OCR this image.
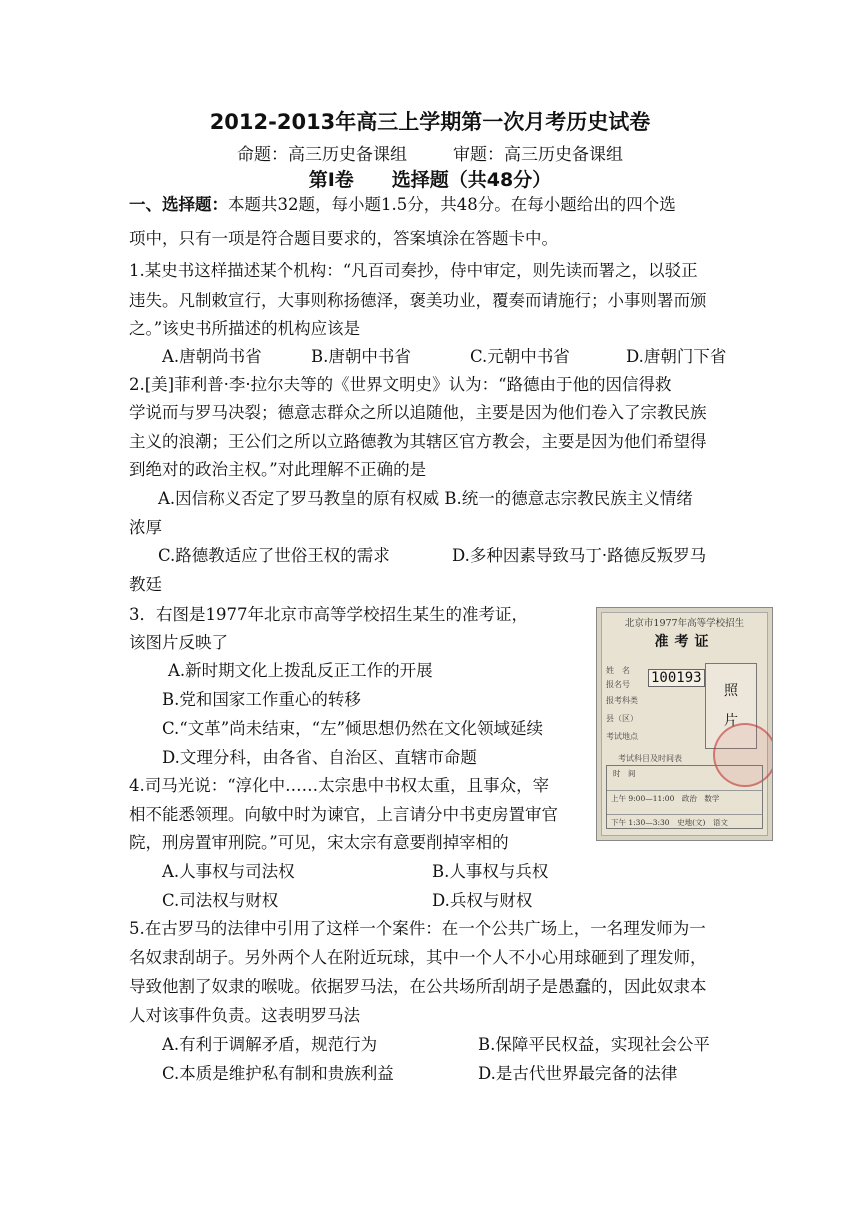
2012-2013年高三上学期第一次月考历史试卷
命题：高三历史备课组	审题：高三历史备课组
第Ⅰ卷　　选择题（共48分）
一、选择题：本题共32题，每小题1.5分，共48分。在每小题给出的四个选
项中，只有一项是符合题目要求的，答案填涂在答题卡中。
1.某史书这样描述某个机构：“凡百司奏抄，侍中审定，则先读而署之，以驳正
违失。凡制敕宣行，大事则称扬德泽，褒美功业，覆奏而请施行；小事则署而颁
之。”该史书所描述的机构应该是
A.唐朝尚书省	B.唐朝中书省	C.元朝中书省	D.唐朝门下省
2.[美]菲利普·李·拉尔夫等的《世界文明史》认为：“路德由于他的因信得救
学说而与罗马决裂；德意志群众之所以追随他，主要是因为他们卷入了宗教民族
主义的浪潮；王公们之所以立路德教为其辖区官方教会，主要是因为他们希望得
到绝对的政治主权。”对此理解不正确的是
A.因信称义否定了罗马教皇的原有权威 B.统一的德意志宗教民族主义情绪
浓厚
C.路德教适应了世俗王权的需求	D.多种因素导致马丁·路德反叛罗马
教廷
3．右图是1977年北京市高等学校招生某生的准考证，
该图片反映了
A.新时期文化上拨乱反正工作的开展
B.党和国家工作重心的转移
C.“文革”尚未结束，“左”倾思想仍然在文化领域延续
D.文理分科，由各省、自治区、直辖市命题
北京市1977年高等学校招生
准考证
姓　名
报名号
报考科类
县（区）
考试地点
100193
照
片
考试科目及时间表
时　间
上午 9:00—11:00　政治　数学
下午 1:30—3:30　史地(文)　语文
4.司马光说：“淳化中……太宗患中书权太重，且事众，宰
相不能悉领理。向敏中时为谏官，上言请分中书吏房置审官
院，刑房置审刑院。”可见，宋太宗有意要削掉宰相的
A.人事权与司法权	B.人事权与兵权
C.司法权与财权	D.兵权与财权
5.在古罗马的法律中引用了这样一个案件：在一个公共广场上，一名理发师为一
名奴隶刮胡子。另外两个人在附近玩球，其中一个人不小心用球砸到了理发师，
导致他割了奴隶的喉咙。依据罗马法，在公共场所刮胡子是愚蠢的，因此奴隶本
人对该事件负责。这表明罗马法
A.有利于调解矛盾，规范行为	B.保障平民权益，实现社会公平
C.本质是维护私有制和贵族利益	D.是古代世界最完备的法律
